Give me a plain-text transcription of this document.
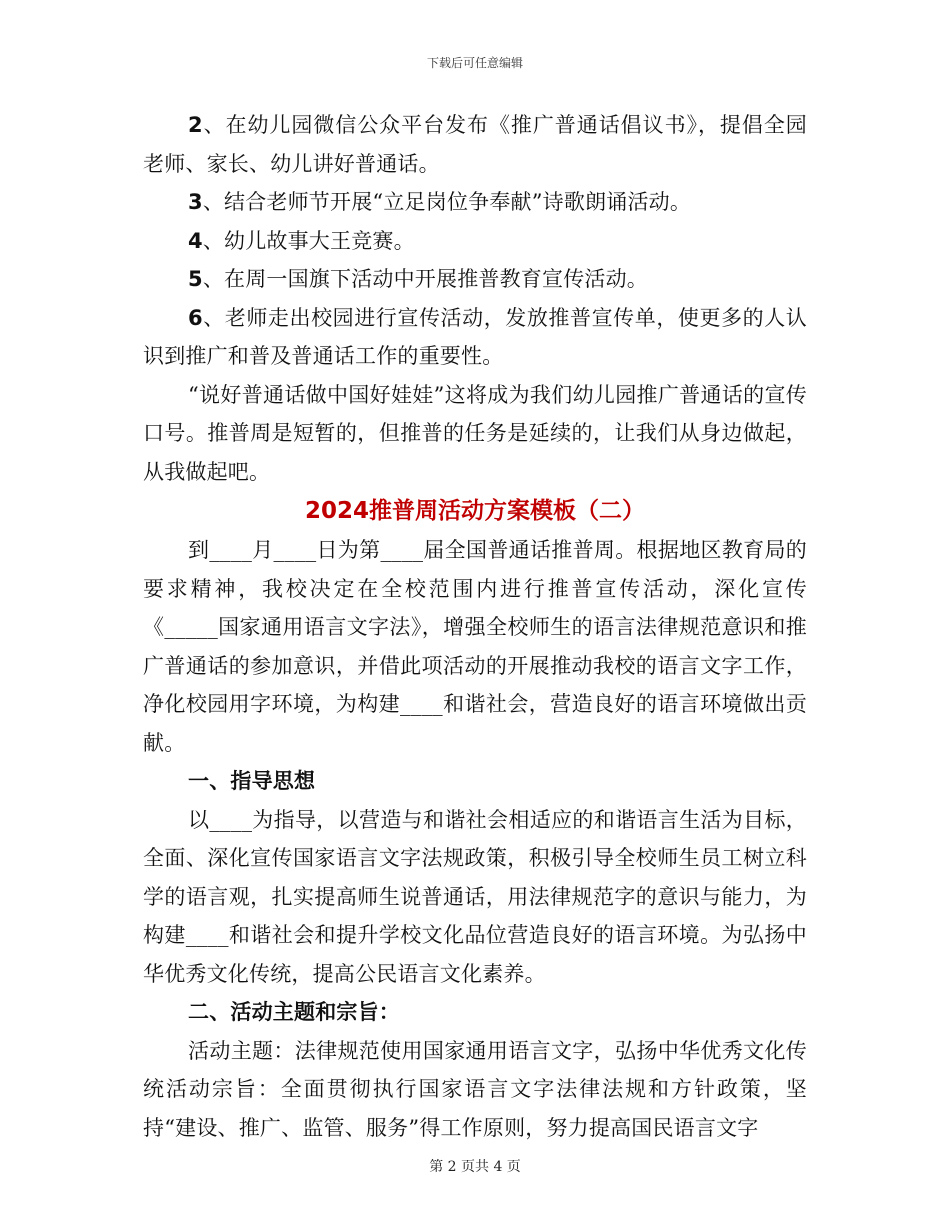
下载后可任意编辑

2、在幼儿园微信公众平台发布《推广普通话倡议书》，提倡全园老师、家长、幼儿讲好普通话。

3、结合老师节开展“立足岗位争奉献”诗歌朗诵活动。

4、幼儿故事大王竞赛。

5、在周一国旗下活动中开展推普教育宣传活动。

6、老师走出校园进行宣传活动，发放推普宣传单，使更多的人认识到推广和普及普通话工作的重要性。

“说好普通话做中国好娃娃”这将成为我们幼儿园推广普通话的宣传口号。推普周是短暂的，但推普的任务是延续的，让我们从身边做起，从我做起吧。

2024推普周活动方案模板（二）

到____月____日为第____届全国普通话推普周。根据地区教育局的要求精神，我校决定在全校范围内进行推普宣传活动，深化宣传《_____国家通用语言文字法》，增强全校师生的语言法律规范意识和推广普通话的参加意识，并借此项活动的开展推动我校的语言文字工作，净化校园用字环境，为构建____和谐社会，营造良好的语言环境做出贡献。

一、指导思想

以____为指导，以营造与和谐社会相适应的和谐语言生活为目标，全面、深化宣传国家语言文字法规政策，积极引导全校师生员工树立科学的语言观，扎实提高师生说普通话，用法律规范字的意识与能力，为构建____和谐社会和提升学校文化品位营造良好的语言环境。为弘扬中华优秀文化传统，提高公民语言文化素养。

二、活动主题和宗旨：

活动主题：法律规范使用国家通用语言文字，弘扬中华优秀文化传统活动宗旨：全面贯彻执行国家语言文字法律法规和方针政策，坚持“建设、推广、监管、服务”得工作原则，努力提高国民语言文字

第 2 页共 4 页
